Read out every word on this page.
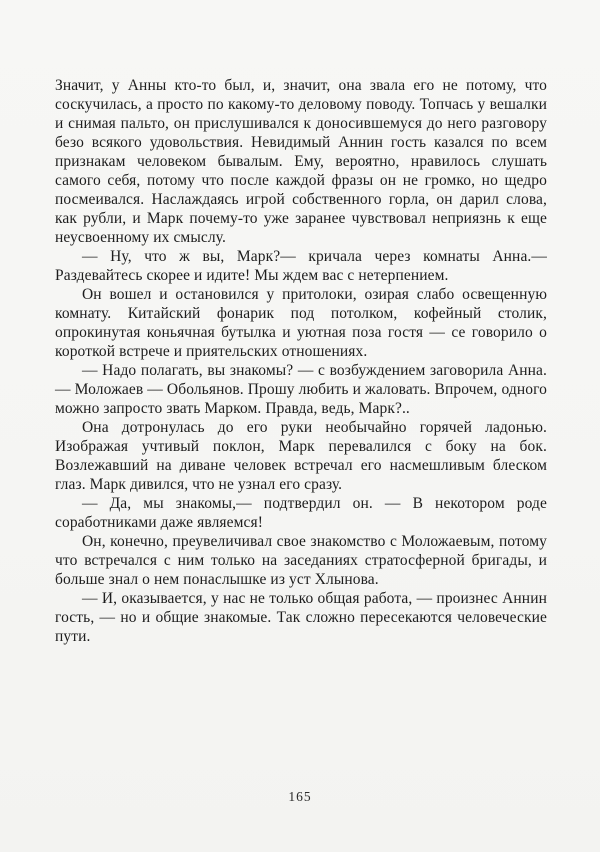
Значит, у Анны кто-то был, и, значит, она звала его не потому, что соскучилась, а просто по какому-то деловому поводу. Топчась у вешалки и снимая пальто, он прислушивался к доносившемуся до него разговору безо всякого удовольствия. Невидимый Аннин гость казался по всем признакам человеком бывалым. Ему, вероятно, нравилось слушать самого себя, потому что после каждой фразы он не громко, но щедро посмеивался. Наслаждаясь игрой собственного горла, он дарил слова, как рубли, и Марк почему-то уже заранее чувствовал неприязнь к еще неусвоенному их смыслу.

— Ну, что ж вы, Марк?— кричала через комнаты Анна.— Раздевайтесь скорее и идите! Мы ждем вас с нетерпением.

Он вошел и остановился у притолоки, озирая слабо освещенную комнату. Китайский фонарик под потолком, кофейный столик, опрокинутая коньячная бутылка и уютная поза гостя — се говорило о короткой встрече и приятельских отношениях.

— Надо полагать, вы знакомы? — с возбуждением заговорила Анна. — Моложаев — Обольянов. Прошу любить и жаловать. Впрочем, одного можно запросто звать Марком. Правда, ведь, Марк?..

Она дотронулась до его руки необычайно горячей ладонью. Изображая учтивый поклон, Марк перевалился с боку на бок. Возлежавший на диване человек встречал его насмешливым блеском глаз. Марк дивился, что не узнал его сразу.

— Да, мы знакомы,— подтвердил он. — В некотором роде соработниками даже являемся!

Он, конечно, преувеличивал свое знакомство с Моложаевым, потому что встречался с ним только на заседаниях стратосферной бригады, и больше знал о нем понаслышке из уст Хлынова.

— И, оказывается, у нас не только общая работа, — произнес Аннин гость, — но и общие знакомые. Так сложно пересекаются человеческие пути.

165
